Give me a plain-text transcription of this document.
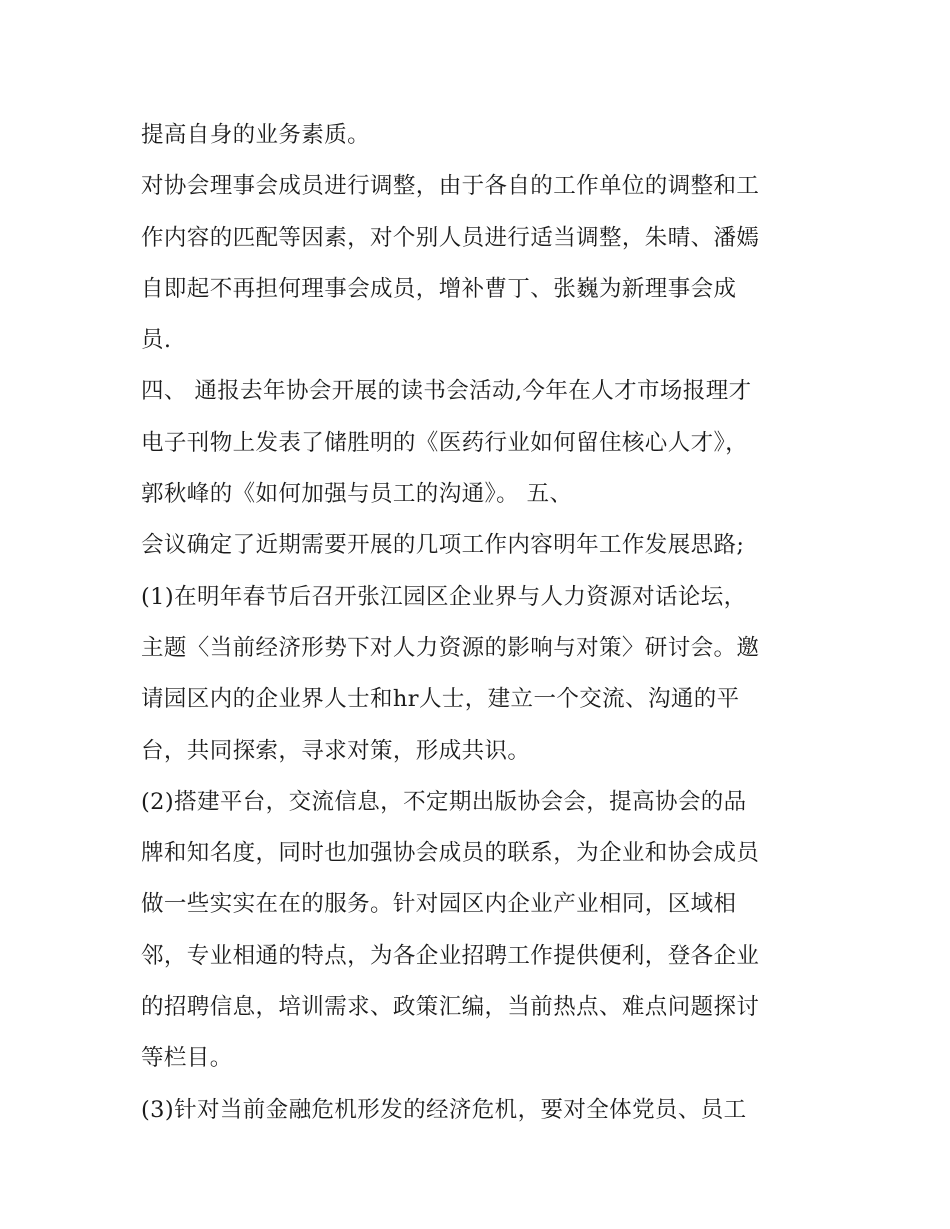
提高自身的业务素质。
对协会理事会成员进行调整，由于各自的工作单位的调整和工
作内容的匹配等因素，对个别人员进行适当调整，朱晴、潘嫣
自即起不再担何理事会成员，增补曹丁、张巍为新理事会成
员.
四、 通报去年协会开展的读书会活动,今年在人才市场报理才
电子刊物上发表了储胜明的《医药行业如何留住核心人才》，
郭秋峰的《如何加强与员工的沟通》。 五、
会议确定了近期需要开展的几项工作内容明年工作发展思路;
(1)在明年春节后召开张江园区企业界与人力资源对话论坛，
主题〈当前经济形势下对人力资源的影响与对策〉研讨会。邀
请园区内的企业界人士和hr人士，建立一个交流、沟通的平
台，共同探索，寻求对策，形成共识。
(2)搭建平台，交流信息，不定期出版协会会，提高协会的品
牌和知名度，同时也加强协会成员的联系，为企业和协会成员
做一些实实在在的服务。针对园区内企业产业相同，区域相
邻，专业相通的特点，为各企业招聘工作提供便利，登各企业
的招聘信息，培训需求、政策汇编，当前热点、难点问题探讨
等栏目。
(3)针对当前金融危机形发的经济危机，要对全体党员、员工
